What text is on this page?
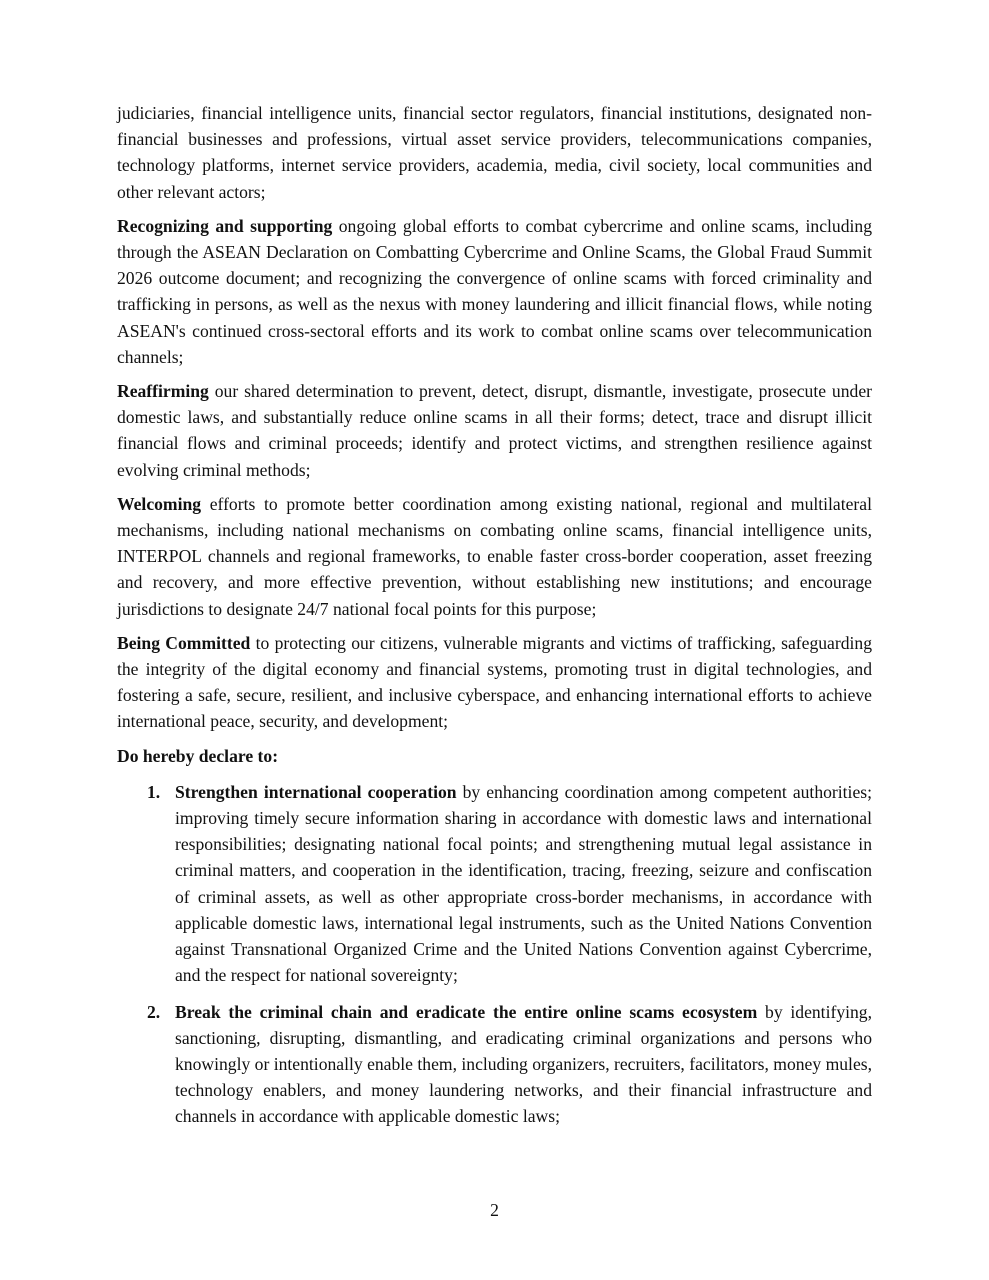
judiciaries, financial intelligence units, financial sector regulators, financial institutions, designated non-financial businesses and professions, virtual asset service providers, telecommunications companies, technology platforms, internet service providers, academia, media, civil society, local communities and other relevant actors;

Recognizing and supporting ongoing global efforts to combat cybercrime and online scams, including through the ASEAN Declaration on Combatting Cybercrime and Online Scams, the Global Fraud Summit 2026 outcome document; and recognizing the convergence of online scams with forced criminality and trafficking in persons, as well as the nexus with money laundering and illicit financial flows, while noting ASEAN's continued cross-sectoral efforts and its work to combat online scams over telecommunication channels;

Reaffirming our shared determination to prevent, detect, disrupt, dismantle, investigate, prosecute under domestic laws, and substantially reduce online scams in all their forms; detect, trace and disrupt illicit financial flows and criminal proceeds; identify and protect victims, and strengthen resilience against evolving criminal methods;

Welcoming efforts to promote better coordination among existing national, regional and multilateral mechanisms, including national mechanisms on combating online scams, financial intelligence units, INTERPOL channels and regional frameworks, to enable faster cross-border cooperation, asset freezing and recovery, and more effective prevention, without establishing new institutions; and encourage jurisdictions to designate 24/7 national focal points for this purpose;

Being Committed to protecting our citizens, vulnerable migrants and victims of trafficking, safeguarding the integrity of the digital economy and financial systems, promoting trust in digital technologies, and fostering a safe, secure, resilient, and inclusive cyberspace, and enhancing international efforts to achieve international peace, security, and development;

Do hereby declare to:

1. Strengthen international cooperation by enhancing coordination among competent authorities; improving timely secure information sharing in accordance with domestic laws and international responsibilities; designating national focal points; and strengthening mutual legal assistance in criminal matters, and cooperation in the identification, tracing, freezing, seizure and confiscation of criminal assets, as well as other appropriate cross-border mechanisms, in accordance with applicable domestic laws, international legal instruments, such as the United Nations Convention against Transnational Organized Crime and the United Nations Convention against Cybercrime, and the respect for national sovereignty;
2. Break the criminal chain and eradicate the entire online scams ecosystem by identifying, sanctioning, disrupting, dismantling, and eradicating criminal organizations and persons who knowingly or intentionally enable them, including organizers, recruiters, facilitators, money mules, technology enablers, and money laundering networks, and their financial infrastructure and channels in accordance with applicable domestic laws;
2
